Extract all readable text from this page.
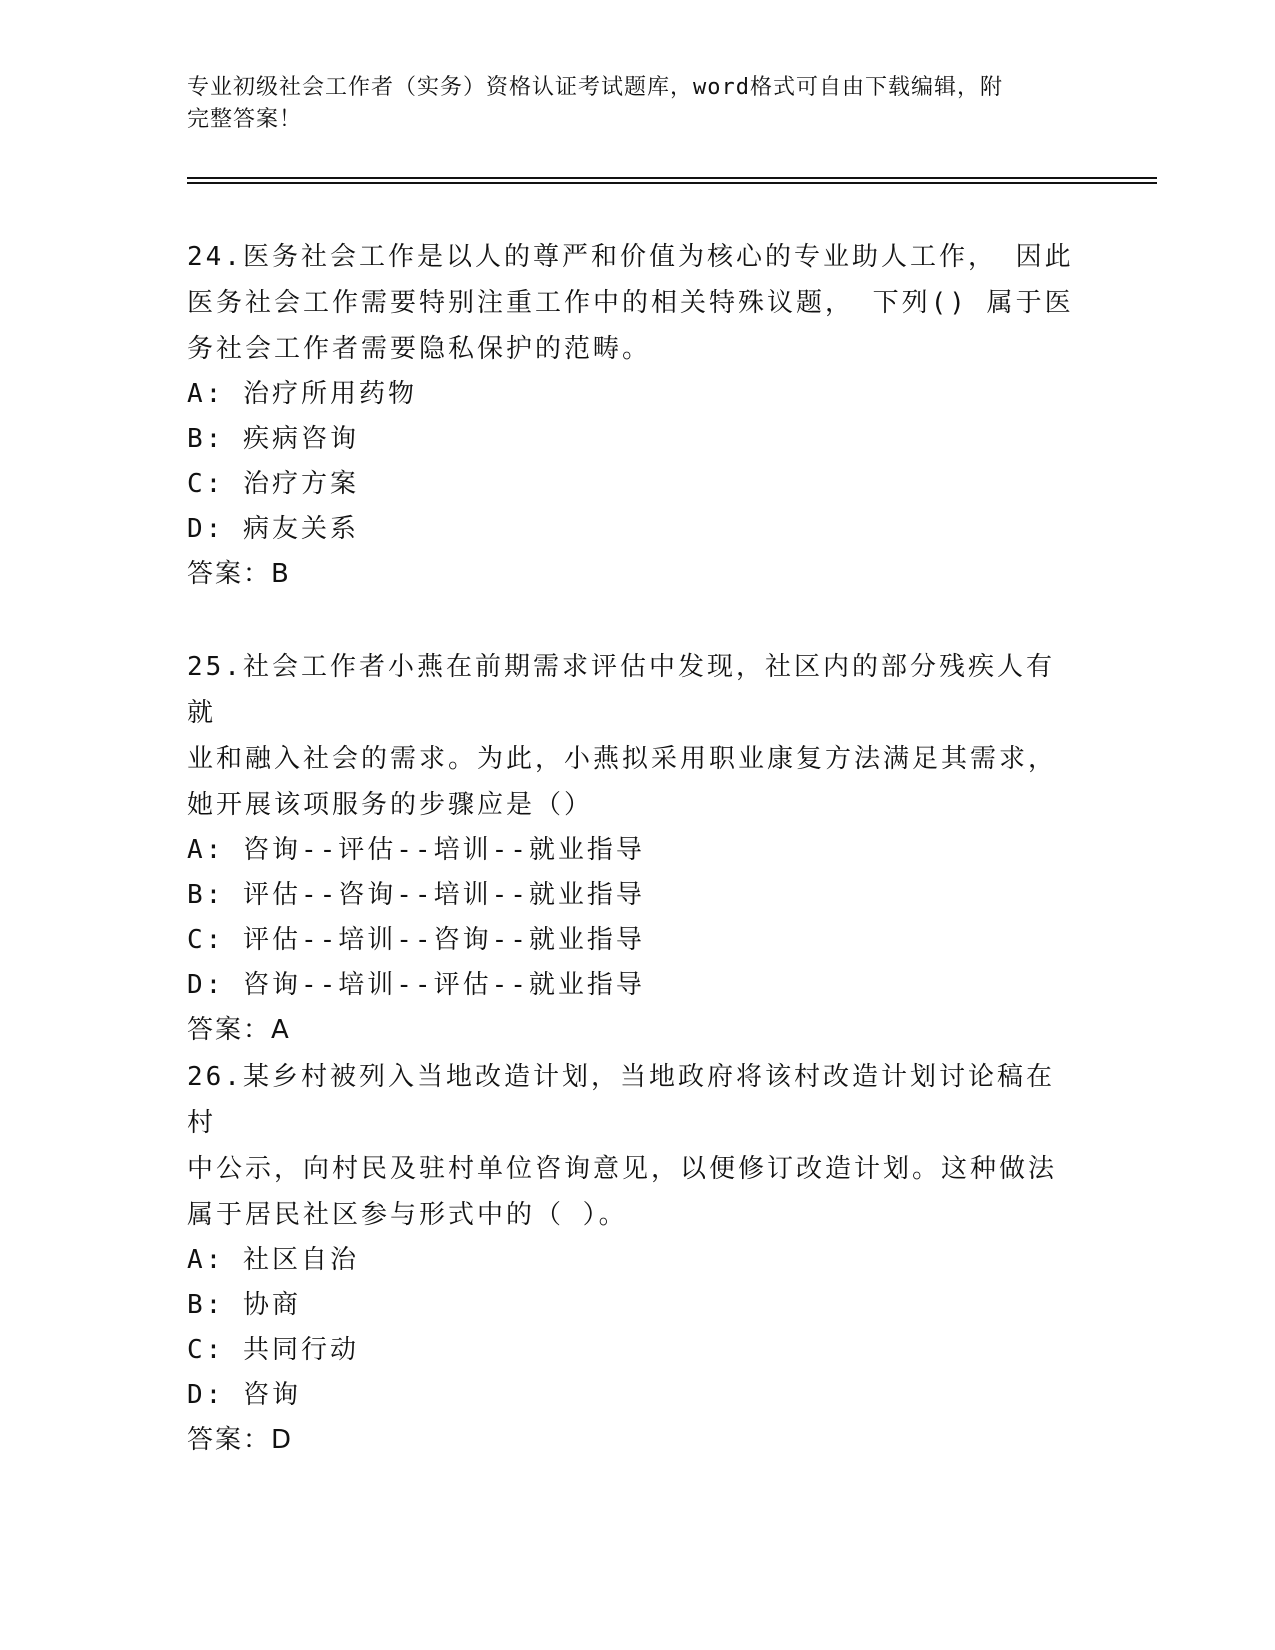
专业初级社会工作者（实务）资格认证考试题库，word格式可自由下载编辑，附
完整答案！

24.医务社会工作是以人的尊严和价值为核心的专业助人工作， 因此

医务社会工作需要特别注重工作中的相关特殊议题， 下列() 属于医

务社会工作者需要隐私保护的范畴。

A: 治疗所用药物

B: 疾病咨询

C: 治疗方案

D: 病友关系

答案：B

25.社会工作者小燕在前期需求评估中发现，社区内的部分残疾人有就

业和融入社会的需求。为此，小燕拟采用职业康复方法满足其需求，

她开展该项服务的步骤应是（）

A: 咨询--评估--培训--就业指导

B: 评估--咨询--培训--就业指导

C: 评估--培训--咨询--就业指导

D: 咨询--培训--评估--就业指导

答案：A

26.某乡村被列入当地改造计划，当地政府将该村改造计划讨论稿在村

中公示，向村民及驻村单位咨询意见，以便修订改造计划。这种做法

属于居民社区参与形式中的（ ）。

A: 社区自治

B: 协商

C: 共同行动

D: 咨询

答案：D
